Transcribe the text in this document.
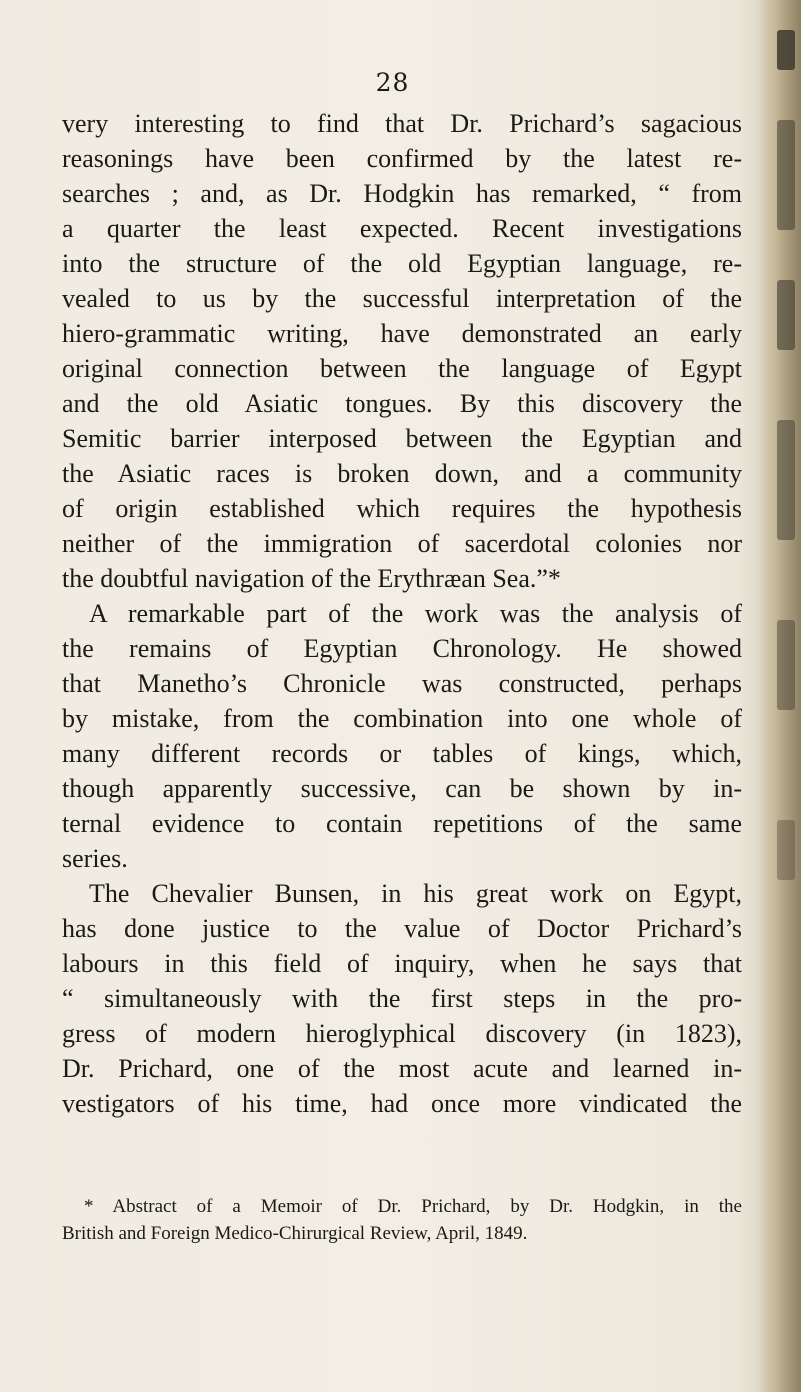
28
very interesting to find that Dr. Prichard’s sagacious
reasonings have been confirmed by the latest re-
searches ; and, as Dr. Hodgkin has remarked, “ from
a quarter the least expected. Recent investigations
into the structure of the old Egyptian language, re-
vealed to us by the successful interpretation of the
hiero-grammatic writing, have demonstrated an early
original connection between the language of Egypt
and the old Asiatic tongues. By this discovery the
Semitic barrier interposed between the Egyptian and
the Asiatic races is broken down, and a community
of origin established which requires the hypothesis
neither of the immigration of sacerdotal colonies nor
the doubtful navigation of the Erythræan Sea.”*
A remarkable part of the work was the analysis of
the remains of Egyptian Chronology. He showed
that Manetho’s Chronicle was constructed, perhaps
by mistake, from the combination into one whole of
many different records or tables of kings, which,
though apparently successive, can be shown by in-
ternal evidence to contain repetitions of the same
series.
The Chevalier Bunsen, in his great work on Egypt,
has done justice to the value of Doctor Prichard’s
labours in this field of inquiry, when he says that
“ simultaneously with the first steps in the pro-
gress of modern hieroglyphical discovery (in 1823),
Dr. Prichard, one of the most acute and learned in-
vestigators of his time, had once more vindicated the
* Abstract of a Memoir of Dr. Prichard, by Dr. Hodgkin, in the
British and Foreign Medico-Chirurgical Review, April, 1849.
